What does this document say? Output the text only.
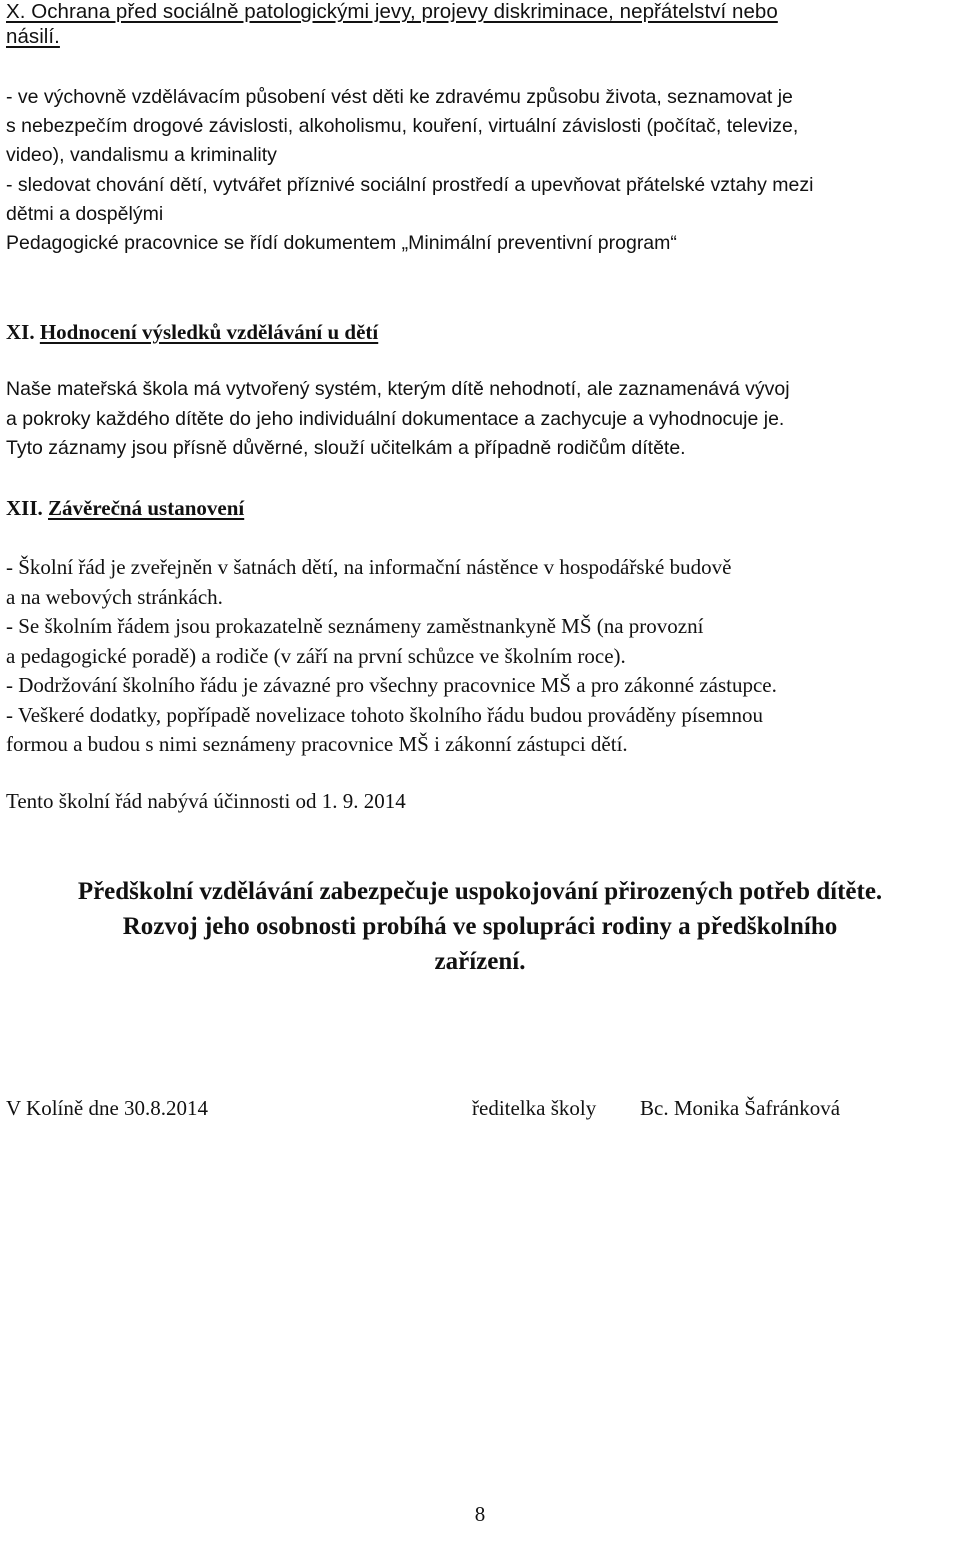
X. Ochrana před sociálně patologickými jevy, projevy diskriminace, nepřátelství nebo
násilí.
- ve výchovně vzdělávacím působení vést děti ke zdravému způsobu života, seznamovat je
s nebezpečím drogové závislosti, alkoholismu, kouření, virtuální závislosti (počítač, televize,
video), vandalismu a kriminality
- sledovat chování dětí, vytvářet příznivé sociální prostředí a upevňovat přátelské vztahy mezi
dětmi a dospělými
Pedagogické pracovnice se řídí dokumentem „Minimální preventivní program“
XI. Hodnocení výsledků vzdělávání u dětí
Naše mateřská škola má vytvořený systém, kterým dítě nehodnotí, ale zaznamenává vývoj
a pokroky každého dítěte do jeho individuální dokumentace a zachycuje a vyhodnocuje je.
Tyto záznamy jsou přísně důvěrné, slouží učitelkám a případně rodičům dítěte.
XII. Závěrečná ustanovení
- Školní řád je zveřejněn v šatnách dětí, na informační nástěnce v hospodářské budově
a na webových stránkách.
- Se školním řádem jsou prokazatelně seznámeny zaměstnankyně MŠ (na provozní
a pedagogické poradě) a rodiče (v září na první schůzce ve školním roce).
- Dodržování školního řádu je závazné pro všechny pracovnice MŠ a pro zákonné zástupce.
- Veškeré dodatky, popřípadě novelizace tohoto školního řádu budou prováděny písemnou
formou a budou s nimi seznámeny pracovnice MŠ i zákonní zástupci dětí.
Tento školní řád nabývá účinnosti od 1. 9. 2014
Předškolní vzdělávání zabezpečuje uspokojování přirozených potřeb dítěte.
Rozvoj jeho osobnosti probíhá ve spolupráci rodiny a předškolního
zařízení.
V Kolíně dne 30.8.2014	ředitelka školy Bc. Monika Šafránková
8
